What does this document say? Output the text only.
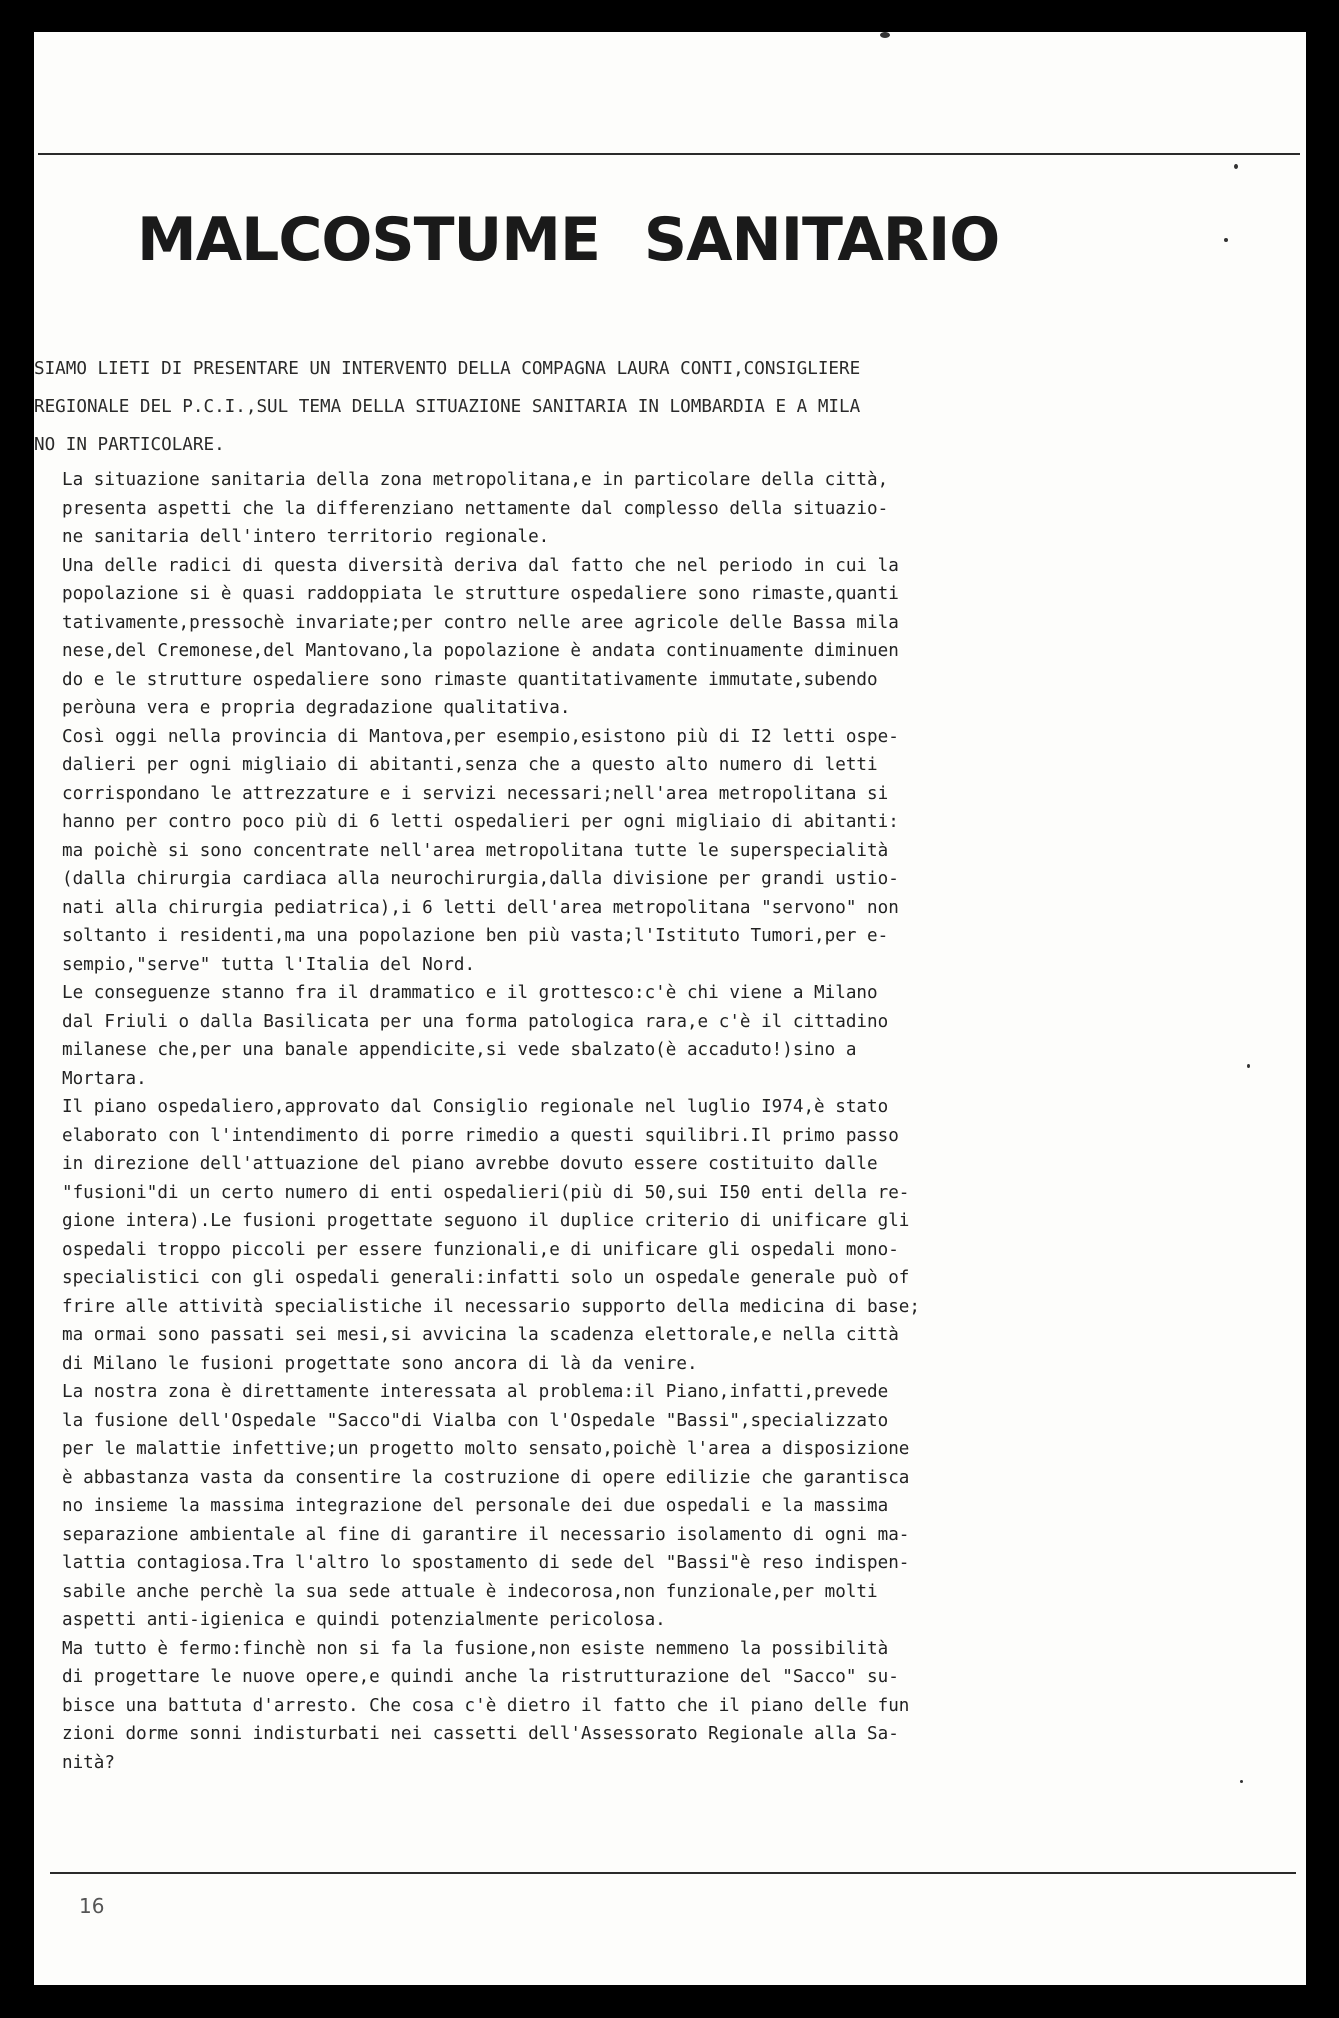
MALCOSTUME SANITARIO
SIAMO LIETI DI PRESENTARE UN INTERVENTO DELLA COMPAGNA LAURA CONTI,CONSIGLIERE
REGIONALE DEL P.C.I.,SUL TEMA DELLA SITUAZIONE SANITARIA IN LOMBARDIA E A MILA
NO IN PARTICOLARE.
La situazione sanitaria della zona metropolitana,e in particolare della città,
presenta aspetti che la differenziano nettamente dal complesso della situazio-
ne sanitaria dell'intero territorio regionale.
Una delle radici di questa diversità deriva dal fatto che nel periodo in cui la
popolazione si è quasi raddoppiata le strutture ospedaliere sono rimaste,quanti
tativamente,pressochè invariate;per contro nelle aree agricole delle Bassa mila
nese,del Cremonese,del Mantovano,la popolazione è andata continuamente diminuen
do e le strutture ospedaliere sono rimaste quantitativamente immutate,subendo
peròuna vera e propria degradazione qualitativa.
Così oggi nella provincia di Mantova,per esempio,esistono più di I2 letti ospe-
dalieri per ogni migliaio di abitanti,senza che a questo alto numero di letti
corrispondano le attrezzature e i servizi necessari;nell'area metropolitana si
hanno per contro poco più di 6 letti ospedalieri per ogni migliaio di abitanti:
ma poichè si sono concentrate nell'area metropolitana tutte le superspecialità
(dalla chirurgia cardiaca alla neurochirurgia,dalla divisione per grandi ustio-
nati alla chirurgia pediatrica),i 6 letti dell'area metropolitana "servono" non
soltanto i residenti,ma una popolazione ben più vasta;l'Istituto Tumori,per e-
sempio,"serve" tutta l'Italia del Nord.
Le conseguenze stanno fra il drammatico e il grottesco:c'è chi viene a Milano
dal Friuli o dalla Basilicata per una forma patologica rara,e c'è il cittadino
milanese che,per una banale appendicite,si vede sbalzato(è accaduto!)sino a
Mortara.
Il piano ospedaliero,approvato dal Consiglio regionale nel luglio I974,è stato
elaborato con l'intendimento di porre rimedio a questi squilibri.Il primo passo
in direzione dell'attuazione del piano avrebbe dovuto essere costituito dalle
"fusioni"di un certo numero di enti ospedalieri(più di 50,sui I50 enti della re-
gione intera).Le fusioni progettate seguono il duplice criterio di unificare gli
ospedali troppo piccoli per essere funzionali,e di unificare gli ospedali mono-
specialistici con gli ospedali generali:infatti solo un ospedale generale può of
frire alle attività specialistiche il necessario supporto della medicina di base;
ma ormai sono passati sei mesi,si avvicina la scadenza elettorale,e nella città
di Milano le fusioni progettate sono ancora di là da venire.
La nostra zona è direttamente interessata al problema:il Piano,infatti,prevede
la fusione dell'Ospedale "Sacco"di Vialba con l'Ospedale "Bassi",specializzato
per le malattie infettive;un progetto molto sensato,poichè l'area a disposizione
è abbastanza vasta da consentire la costruzione di opere edilizie che garantisca
no insieme la massima integrazione del personale dei due ospedali e la massima
separazione ambientale al fine di garantire il necessario isolamento di ogni ma-
lattia contagiosa.Tra l'altro lo spostamento di sede del "Bassi"è reso indispen-
sabile anche perchè la sua sede attuale è indecorosa,non funzionale,per molti
aspetti anti-igienica e quindi potenzialmente pericolosa.
Ma tutto è fermo:finchè non si fa la fusione,non esiste nemmeno la possibilità
di progettare le nuove opere,e quindi anche la ristrutturazione del "Sacco" su-
bisce una battuta d'arresto. Che cosa c'è dietro il fatto che il piano delle fun
zioni dorme sonni indisturbati nei cassetti dell'Assessorato Regionale alla Sa-
nità?
16
